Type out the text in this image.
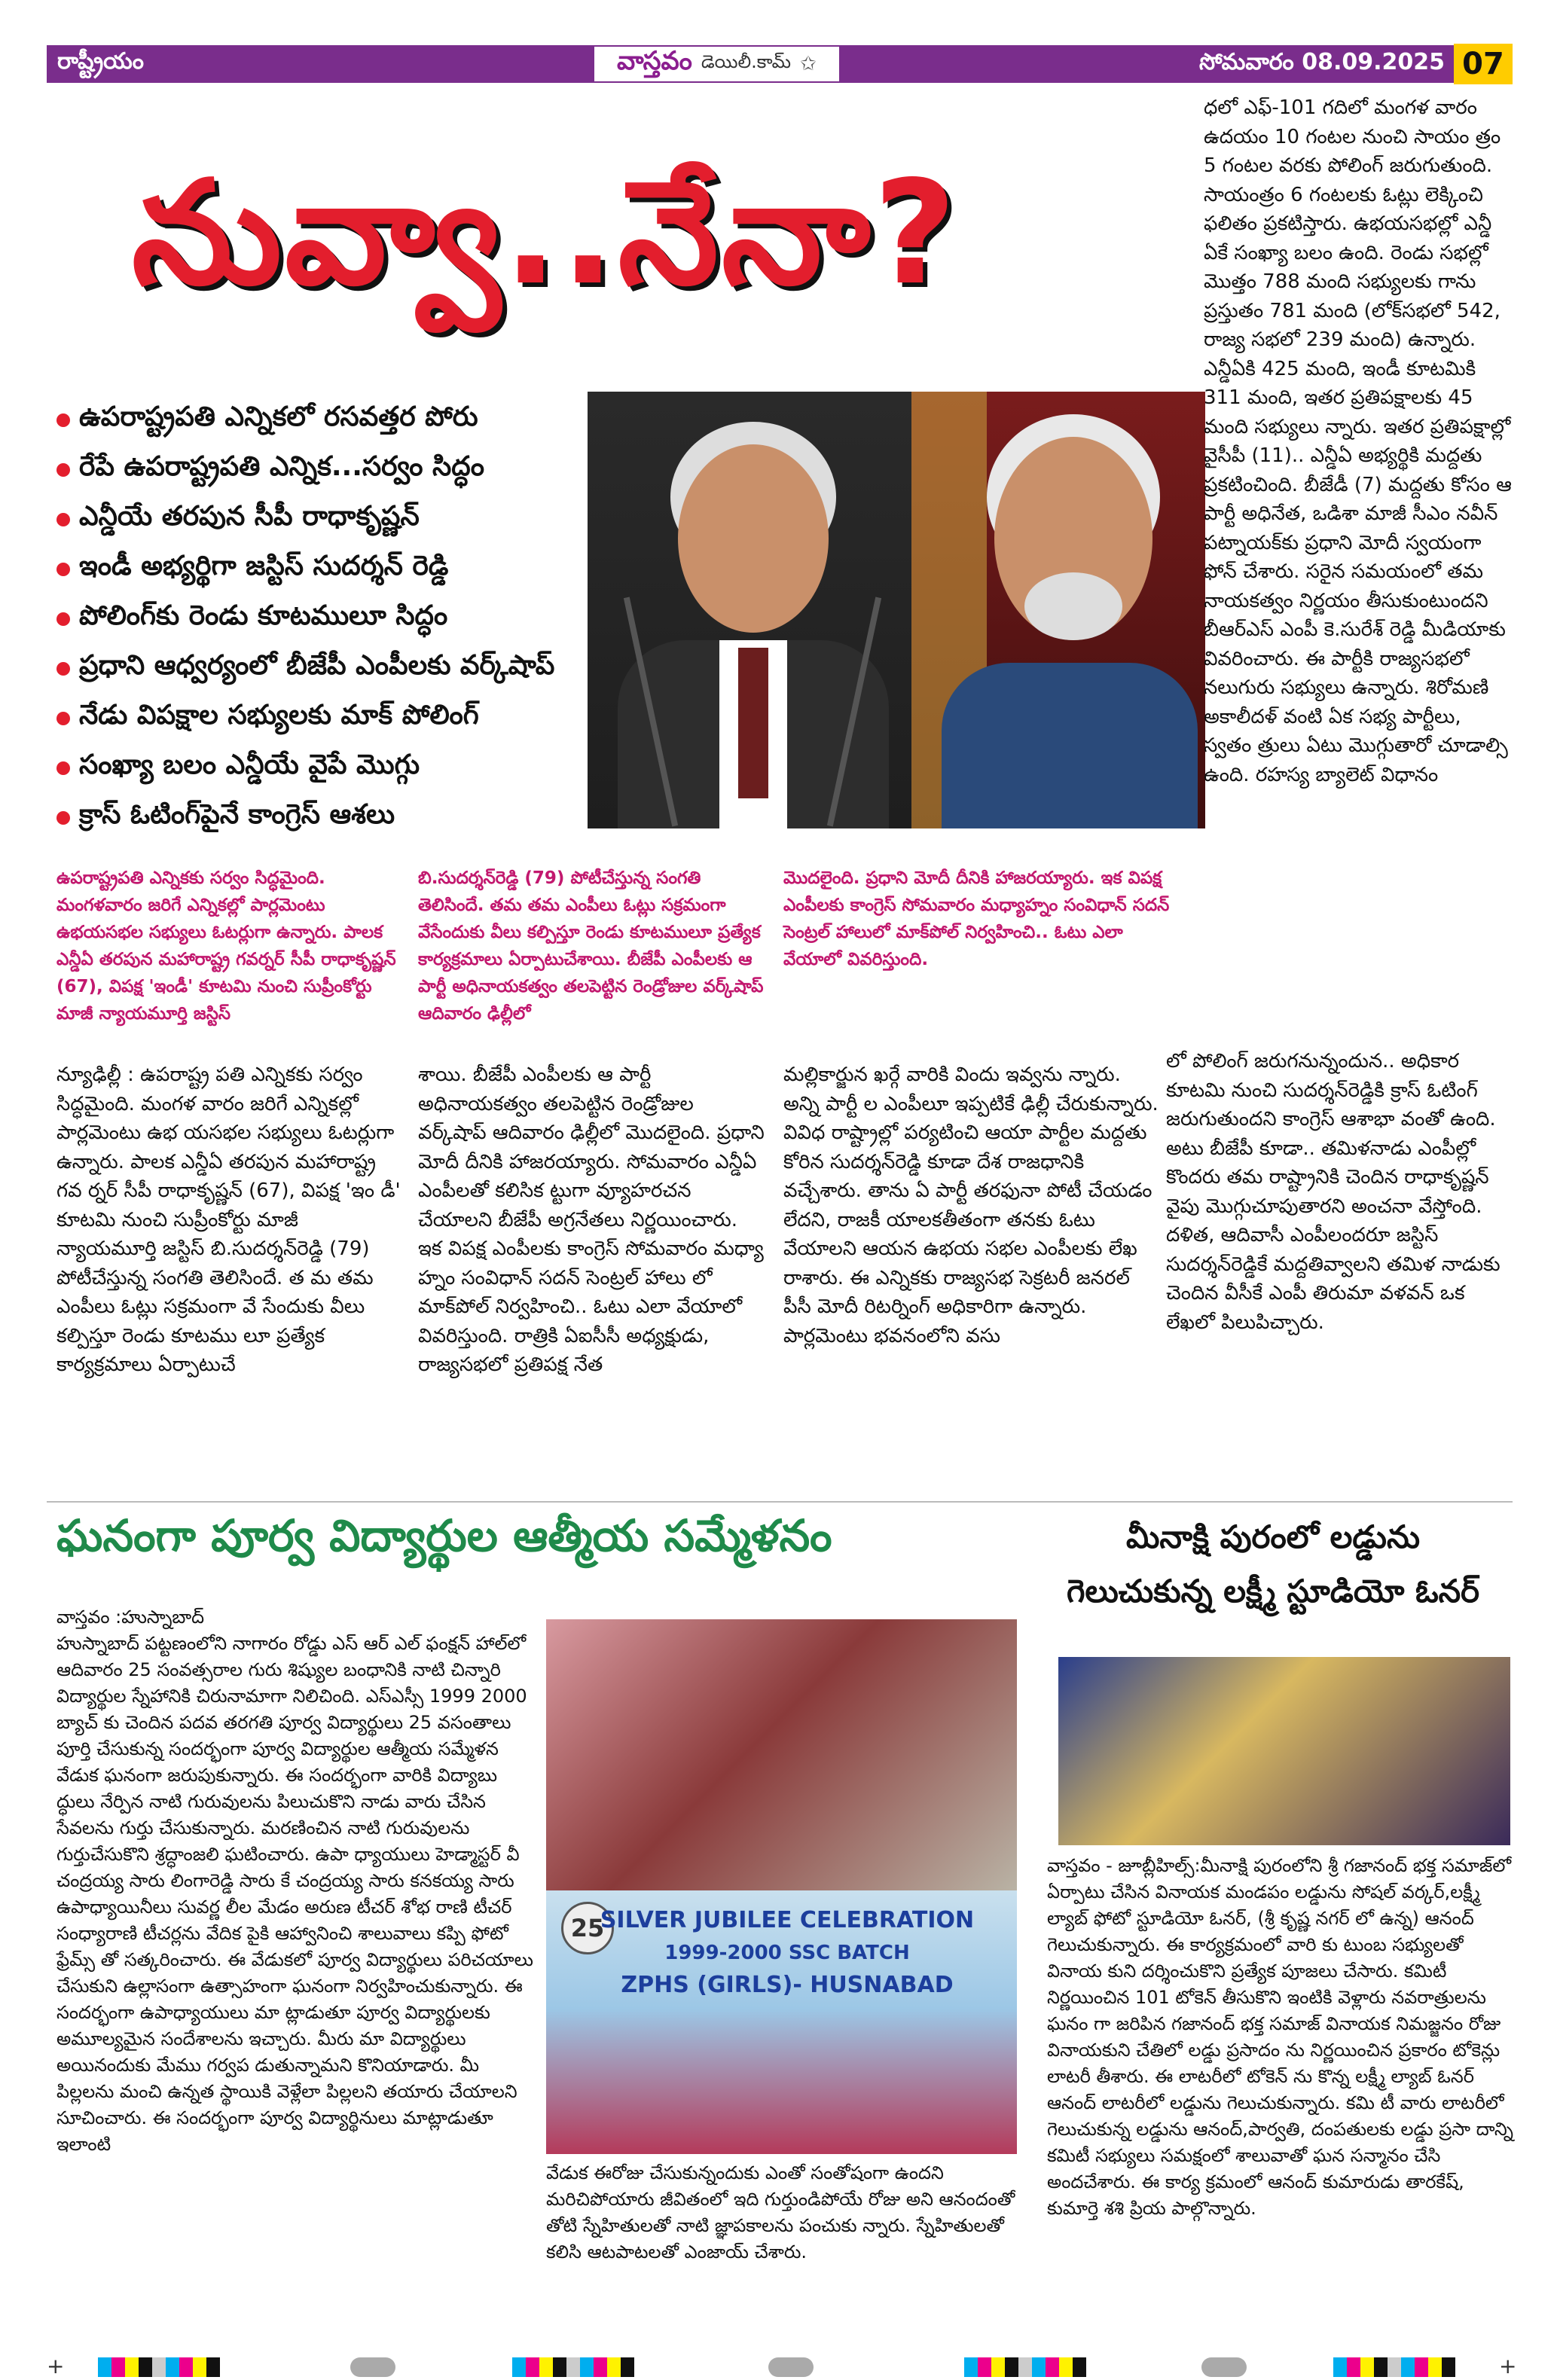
రాష్ట్రీయం	వాస్తవం డెయిలీ.కామ్ ✩	సోమవారం 08.09.2025 07
నువ్వా..నేనా?
ఉపరాష్ట్రపతి ఎన్నికలో రసవత్తర పోరు
రేపే ఉపరాష్ట్రపతి ఎన్నిక...సర్వం సిద్ధం
ఎన్డీయే తరపున సీపీ రాధాకృష్ణన్
ఇండీ అభ్యర్థిగా జస్టిస్ సుదర్శన్ రెడ్డి
పోలింగ్‌కు రెండు కూటములూ సిద్ధం
ప్రధాని ఆధ్వర్యంలో బీజేపీ ఎంపీలకు వర్క్‌షాప్
నేడు విపక్షాల సభ్యులకు మాక్ పోలింగ్
సంఖ్యా బలం ఎన్డీయే వైపే మొగ్గు
క్రాస్ ఓటింగ్‌పైనే కాంగ్రెస్ ఆశలు

ధలో ఎఫ్-101 గదిలో మంగళ వారం ఉదయం 10 గంటల నుంచి సాయం త్రం 5 గంటల వరకు పోలింగ్ జరుగుతుంది. సాయంత్రం 6 గంటలకు ఓట్లు లెక్కించి ఫలితం ప్రకటిస్తారు. ఉభయసభల్లో ఎన్డీ ఏకే సంఖ్యా బలం ఉంది. రెండు సభల్లో మొత్తం 788 మంది సభ్యులకు గాను ప్రస్తుతం 781 మంది (లోక్‌సభలో 542, రాజ్య సభలో 239 మంది) ఉన్నారు. ఎన్డీఏకి 425 మంది, ఇండీ కూటమికి 311 మంది, ఇతర ప్రతిపక్షాలకు 45 మంది సభ్యులు న్నారు. ఇతర ప్రతిపక్షాల్లో వైసీపీ (11).. ఎన్డీఏ అభ్యర్థికి మద్దతు ప్రకటించింది. బీజేడీ (7) మద్దతు కోసం ఆ పార్టీ అధినేత, ఒడిశా మాజీ సీఎం నవీన్ పట్నాయక్‌కు ప్రధాని మోదీ స్వయంగా ఫోన్ చేశారు. సరైన సమయంలో తమ నాయకత్వం నిర్ణయం తీసుకుంటుందని బీఆర్ఎస్ ఎంపీ కె.సురేశ్ రెడ్డి మీడియాకు వివరించారు. ఈ పార్టీకి రాజ్యసభలో నలుగురు సభ్యులు ఉన్నారు. శిరోమణి అకాలీదళ్ వంటి ఏక సభ్య పార్టీలు, స్వతం త్రులు ఏటు మొగ్గుతారో చూడాల్సి ఉంది. రహస్య బ్యాలెట్ విధానం

లో పోలింగ్ జరుగనున్నందున.. అధికార కూటమి నుంచి సుదర్శన్‌రెడ్డికి క్రాస్ ఓటింగ్ జరుగుతుందని కాంగ్రెస్ ఆశాభా వంతో ఉంది. అటు బీజేపీ కూడా.. తమిళనాడు ఎంపీల్లో కొందరు తమ రాష్ట్రానికి చెందిన రాధాకృష్ణన్ వైపు మొగ్గుచూపుతారని అంచనా వేస్తోంది. దళిత, ఆదివాసీ ఎంపీలందరూ జస్టిస్ సుదర్శన్‌రెడ్డికే మద్దతివ్వాలని తమిళ నాడుకు చెందిన వీసీకే ఎంపీ తిరుమా వళవన్ ఒక లేఖలో పిలుపిచ్చారు.

ఉపరాష్ట్రపతి ఎన్నికకు సర్వం సిద్ధమైంది. మంగళవారం జరిగే ఎన్నికల్లో పార్లమెంటు ఉభయసభల సభ్యులు ఓటర్లుగా ఉన్నారు. పాలక ఎన్డీఏ తరపున మహారాష్ట్ర గవర్నర్ సీపీ రాధాకృష్ణన్ (67), విపక్ష 'ఇండీ' కూటమి నుంచి సుప్రీంకోర్టు మాజీ న్యాయమూర్తి జస్టిస్
బి.సుదర్శన్‌రెడ్డి (79) పోటీచేస్తున్న సంగతి తెలిసిందే. తమ తమ ఎంపీలు ఓట్లు సక్రమంగా వేసేందుకు వీలు కల్పిస్తూ రెండు కూటములూ ప్రత్యేక కార్యక్రమాలు ఏర్పాటుచేశాయి. బీజేపీ ఎంపీలకు ఆ పార్టీ అధినాయకత్వం తలపెట్టిన రెండ్రోజుల వర్క్‌షాప్ ఆదివారం ఢిల్లీలో
మొదలైంది. ప్రధాని మోదీ దీనికి హాజరయ్యారు. ఇక విపక్ష ఎంపీలకు కాంగ్రెస్ సోమవారం మధ్యాహ్నం సంవిధాన్ సదన్ సెంట్రల్ హాలులో మాక్‌పోల్ నిర్వహించి.. ఓటు ఎలా వేయాలో వివరిస్తుంది.
న్యూఢిల్లీ : ఉపరాష్ట్ర పతి ఎన్నికకు సర్వం సిద్ధమైంది. మంగళ వారం జరిగే ఎన్నికల్లో పార్లమెంటు ఉభ యసభల సభ్యులు ఓటర్లుగా ఉన్నారు. పాలక ఎన్డీఏ తరపున మహారాష్ట్ర గవ ర్నర్ సీపీ రాధాకృష్ణన్ (67), విపక్ష 'ఇం డీ' కూటమి నుంచి సుప్రీంకోర్టు మాజీ న్యాయమూర్తి జస్టిస్ బి.సుదర్శన్‌రెడ్డి (79) పోటీచేస్తున్న సంగతి తెలిసిందే. త మ తమ ఎంపీలు ఓట్లు సక్రమంగా వే సేందుకు వీలు కల్పిస్తూ రెండు కూటము లూ ప్రత్యేక కార్యక్రమాలు ఏర్పాటుచే
శాయి. బీజేపీ ఎంపీలకు ఆ పార్టీ అధినాయకత్వం తలపెట్టిన రెండ్రోజుల వర్క్‌షాప్ ఆదివారం ఢిల్లీలో మొదలైంది. ప్రధాని మోదీ దీనికి హాజరయ్యారు. సోమవారం ఎన్డీఏ ఎంపీలతో కలిసిక ట్టుగా వ్యూహరచన చేయాలని బీజేపీ అగ్రనేతలు నిర్ణయించారు. ఇక విపక్ష ఎంపీలకు కాంగ్రెస్ సోమవారం మధ్యా హ్నం సంవిధాన్ సదన్ సెంట్రల్ హాలు లో మాక్‌పోల్ నిర్వహించి.. ఓటు ఎలా వేయాలో వివరిస్తుంది. రాత్రికి ఏఐసీసీ అధ్యక్షుడు, రాజ్యసభలో ప్రతిపక్ష నేత
మల్లికార్జున ఖర్గే వారికి విందు ఇవ్వను న్నారు. అన్ని పార్టీ ల ఎంపీలూ ఇప్పటికే ఢిల్లీ చేరుకున్నారు. వివిధ రాష్ట్రాల్లో పర్యటించి ఆయా పార్టీల మద్దతు కోరిన సుదర్శన్‌రెడ్డి కూడా దేశ రాజధానికి వచ్చేశారు. తాను ఏ పార్టీ తరఫునా పోటీ చేయడం లేదని, రాజకీ యాలకతీతంగా తనకు ఓటు వేయాలని ఆయన ఉభయ సభల ఎంపీలకు లేఖ రాశారు. ఈ ఎన్నికకు రాజ్యసభ సెక్రటరీ జనరల్ పీసీ మోదీ రిటర్నింగ్ అధికారిగా ఉన్నారు. పార్లమెంటు భవనంలోని వసు
ఘనంగా పూర్వ విద్యార్థుల ఆత్మీయ సమ్మేళనం
వాస్తవం :హుస్నాబాద్
హుస్నాబాద్ పట్టణంలోని నాగారం రోడ్డు ఎస్ ఆర్ ఎల్ ఫంక్షన్ హాల్‌లో ఆదివారం 25 సంవత్సరాల గురు శిష్యుల బంధానికి నాటి చిన్నారి విద్యార్థుల స్నేహానికి చిరునామాగా నిలిచింది. ఎస్ఎస్సీ 1999 2000 బ్యాచ్ కు చెందిన పదవ తరగతి పూర్వ విద్యార్థులు 25 వసంతాలు పూర్తి చేసుకున్న సందర్భంగా పూర్వ విద్యార్థుల ఆత్మీయ సమ్మేళన వేడుక ఘనంగా జరుపుకున్నారు. ఈ సందర్భంగా వారికి విద్యాబు ద్ధులు నేర్పిన నాటి గురువులను పిలుచుకొని నాడు వారు చేసిన సేవలను గుర్తు చేసుకున్నారు. మరణించిన నాటి గురువులను గుర్తుచేసుకొని శ్రద్ధాంజలి ఘటించారు. ఉపా ధ్యాయులు హెడ్మాస్టర్ వీ చంద్రయ్య సారు లింగారెడ్డి సారు కే చంద్రయ్య సారు కనకయ్య సారు ఉపాధ్యాయినీలు సువర్ణ లీల మేడం అరుణ టీచర్ శోభ రాణి టీచర్ సంధ్యారాణి టీచర్లను వేదిక పైకి ఆహ్వానించి శాలువాలు కప్పి ఫోటో ఫ్రేమ్స్ తో సత్కరించారు. ఈ వేడుకలో పూర్వ విద్యార్థులు పరిచయాలు చేసుకుని ఉల్లాసంగా ఉత్సాహంగా ఘనంగా నిర్వహించుకున్నారు. ఈ సందర్భంగా ఉపాధ్యాయులు మా ట్లాడుతూ పూర్వ విద్యార్థులకు అమూల్యమైన సందేశాలను ఇచ్చారు. మీరు మా విద్యార్థులు అయినందుకు మేము గర్వప డుతున్నామని కొనియాడారు. మీ పిల్లలను మంచి ఉన్నత స్థాయికి వెళ్లేలా పిల్లలని తయారు చేయాలని సూచించారు. ఈ సందర్భంగా పూర్వ విద్యార్థినులు మాట్లాడుతూ ఇలాంటి
25
SILVER JUBILEE CELEBRATION
1999-2000 SSC BATCH
ZPHS (GIRLS)- HUSNABAD
వేడుక ఈరోజు చేసుకున్నందుకు ఎంతో సంతోషంగా ఉందని మరిచిపోయారు జీవితంలో ఇది గుర్తుండిపోయే రోజు అని ఆనందంతో తోటి స్నేహితులతో నాటి జ్ఞాపకాలను పంచుకు న్నారు. స్నేహితులతో కలిసి ఆటపాటలతో ఎంజాయ్ చేశారు.
మీనాక్షి పురంలో లడ్డును
గెలుచుకున్న లక్ష్మీ స్టూడియో ఓనర్
వాస్తవం - జూబ్లీహిల్స్:మీనాక్షి పురంలోని శ్రీ గజానంద్ భక్త సమాజ్‌లో ఏర్పాటు చేసిన వినాయక మండపం లడ్డును సోషల్ వర్కర్,లక్ష్మీ ల్యాబ్ ఫోటో స్టూడియో ఓనర్, (శ్రీ కృష్ణ నగర్ లో ఉన్న) ఆనంద్ గెలుచుకున్నారు. ఈ కార్యక్రమంలో వారి కు టుంబ సభ్యులతో వినాయ కుని దర్శించుకొని ప్రత్యేక పూజలు చేసారు. కమిటీ నిర్ణయించిన 101 టోకెన్ తీసుకొని ఇంటికి వెళ్లారు నవరాత్రులను ఘనం గా జరిపిన గజానంద్ భక్త సమాజ్ వినాయక నిమజ్జనం రోజు వినాయకుని చేతిలో లడ్డు ప్రసాదం ను నిర్ణయించిన ప్రకారం టోకెన్లు లాటరీ తీశారు. ఈ లాటరీలో టోకెన్ ను కొన్న లక్ష్మీ ల్యాబ్ ఓనర్ ఆనంద్ లాటరీలో లడ్డును గెలుచుకున్నారు. కమి టీ వారు లాటరీలో గెలుచుకున్న లడ్డును ఆనంద్,పార్వతి, దంపతులకు లడ్డు ప్రసా దాన్ని కమిటీ సభ్యులు సమక్షంలో శాలువాతో ఘన సన్మానం చేసి అందచేశారు. ఈ కార్య క్రమంలో ఆనంద్ కుమారుడు తారకేష్, కుమార్తె శశి ప్రియ పాల్గొన్నారు.
+	+
